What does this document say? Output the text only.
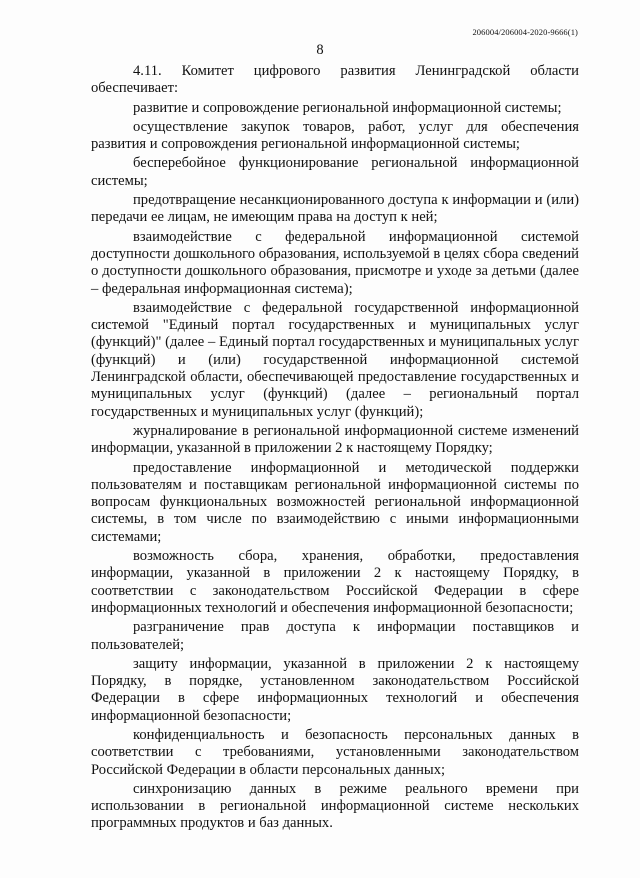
206004/206004-2020-9666(1)
8

4.11. Комитет цифрового развития Ленинградской области обеспечивает:

развитие и сопровождение региональной информационной системы;

осуществление закупок товаров, работ, услуг для обеспечения развития и сопровождения региональной информационной системы;

бесперебойное функционирование региональной информационной системы;

предотвращение несанкционированного доступа к информации и (или) передачи ее лицам, не имеющим права на доступ к ней;

взаимодействие с федеральной информационной системой доступности дошкольного образования, используемой в целях сбора сведений о доступности дошкольного образования, присмотре и уходе за детьми (далее – федеральная информационная система);

взаимодействие с федеральной государственной информационной системой "Единый портал государственных и муниципальных услуг (функций)" (далее – Единый портал государственных и муниципальных услуг (функций) и (или) государственной информационной системой Ленинградской области, обеспечивающей предоставление государственных и муниципальных услуг (функций) (далее – региональный портал государственных и муниципальных услуг (функций);

журналирование в региональной информационной системе изменений информации, указанной в приложении 2 к настоящему Порядку;

предоставление информационной и методической поддержки пользователям и поставщикам региональной информационной системы по вопросам функциональных возможностей региональной информационной системы, в том числе по взаимодействию с иными информационными системами;

возможность сбора, хранения, обработки, предоставления информации, указанной в приложении 2 к настоящему Порядку, в соответствии с законодательством Российской Федерации в сфере информационных технологий и обеспечения информационной безопасности;

разграничение прав доступа к информации поставщиков и пользователей;

защиту информации, указанной в приложении 2 к настоящему Порядку, в порядке, установленном законодательством Российской Федерации в сфере информационных технологий и обеспечения информационной безопасности;

конфиденциальность и безопасность персональных данных в соответствии с требованиями, установленными законодательством Российской Федерации в области персональных данных;

синхронизацию данных в режиме реального времени при использовании в региональной информационной системе нескольких программных продуктов и баз данных.
